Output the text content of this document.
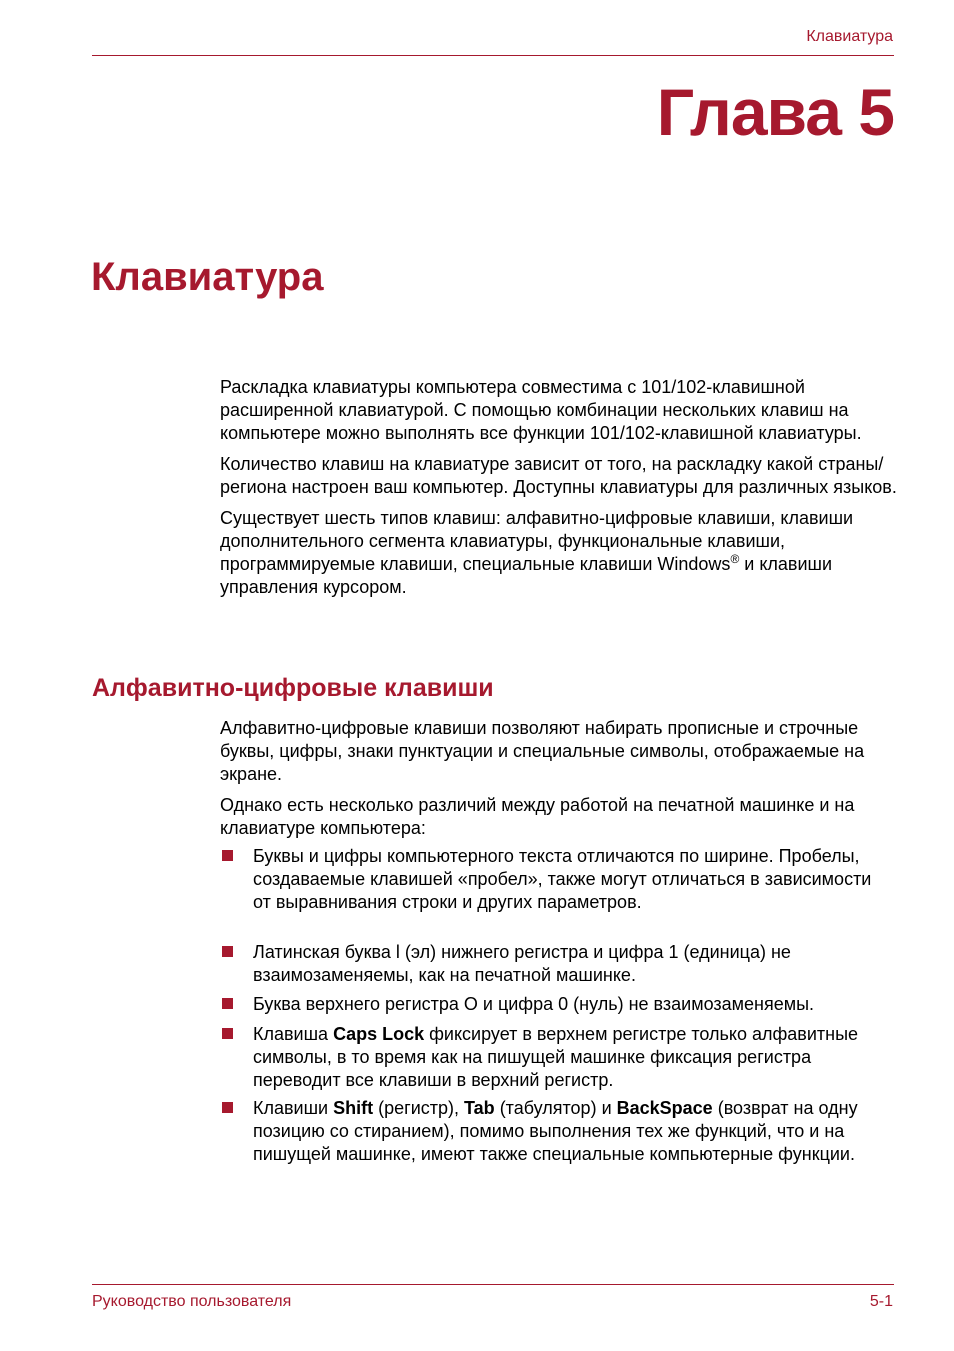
Клавиатура
Глава 5
Клавиатура

Раскладка клавиатуры компьютера совместима с 101/102-клавишной расширенной клавиатурой. С помощью комбинации нескольких клавиш на компьютере можно выполнять все функции 101/102-клавишной клавиатуры.

Количество клавиш на клавиатуре зависит от того, на раскладку какой страны/региона настроен ваш компьютер. Доступны клавиатуры для различных языков.

Существует шесть типов клавиш: алфавитно-цифровые клавиши, клавиши дополнительного сегмента клавиатуры, функциональные клавиши, программируемые клавиши, специальные клавиши Windows® и клавиши управления курсором.

Алфавитно-цифровые клавиши

Алфавитно-цифровые клавиши позволяют набирать прописные и строчные буквы, цифры, знаки пунктуации и специальные символы, отображаемые на экране.

Однако есть несколько различий между работой на печатной машинке и на клавиатуре компьютера:

Буквы и цифры компьютерного текста отличаются по ширине. Пробелы, создаваемые клавишей «пробел», также могут отличаться в зависимости от выравнивания строки и других параметров.
Латинская буква l (эл) нижнего регистра и цифра 1 (единица) не взаимозаменяемы, как на печатной машинке.
Буква верхнего регистра O и цифра 0 (нуль) не взаимозаменяемы.
Клавиша Caps Lock фиксирует в верхнем регистре только алфавитные символы, в то время как на пишущей машинке фиксация регистра переводит все клавиши в верхний регистр.
Клавиши Shift (регистр), Tab (табулятор) и BackSpace (возврат на одну позицию со стиранием), помимо выполнения тех же функций, что и на пишущей машинке, имеют также специальные компьютерные функции.
Руководство пользователя	5-1
